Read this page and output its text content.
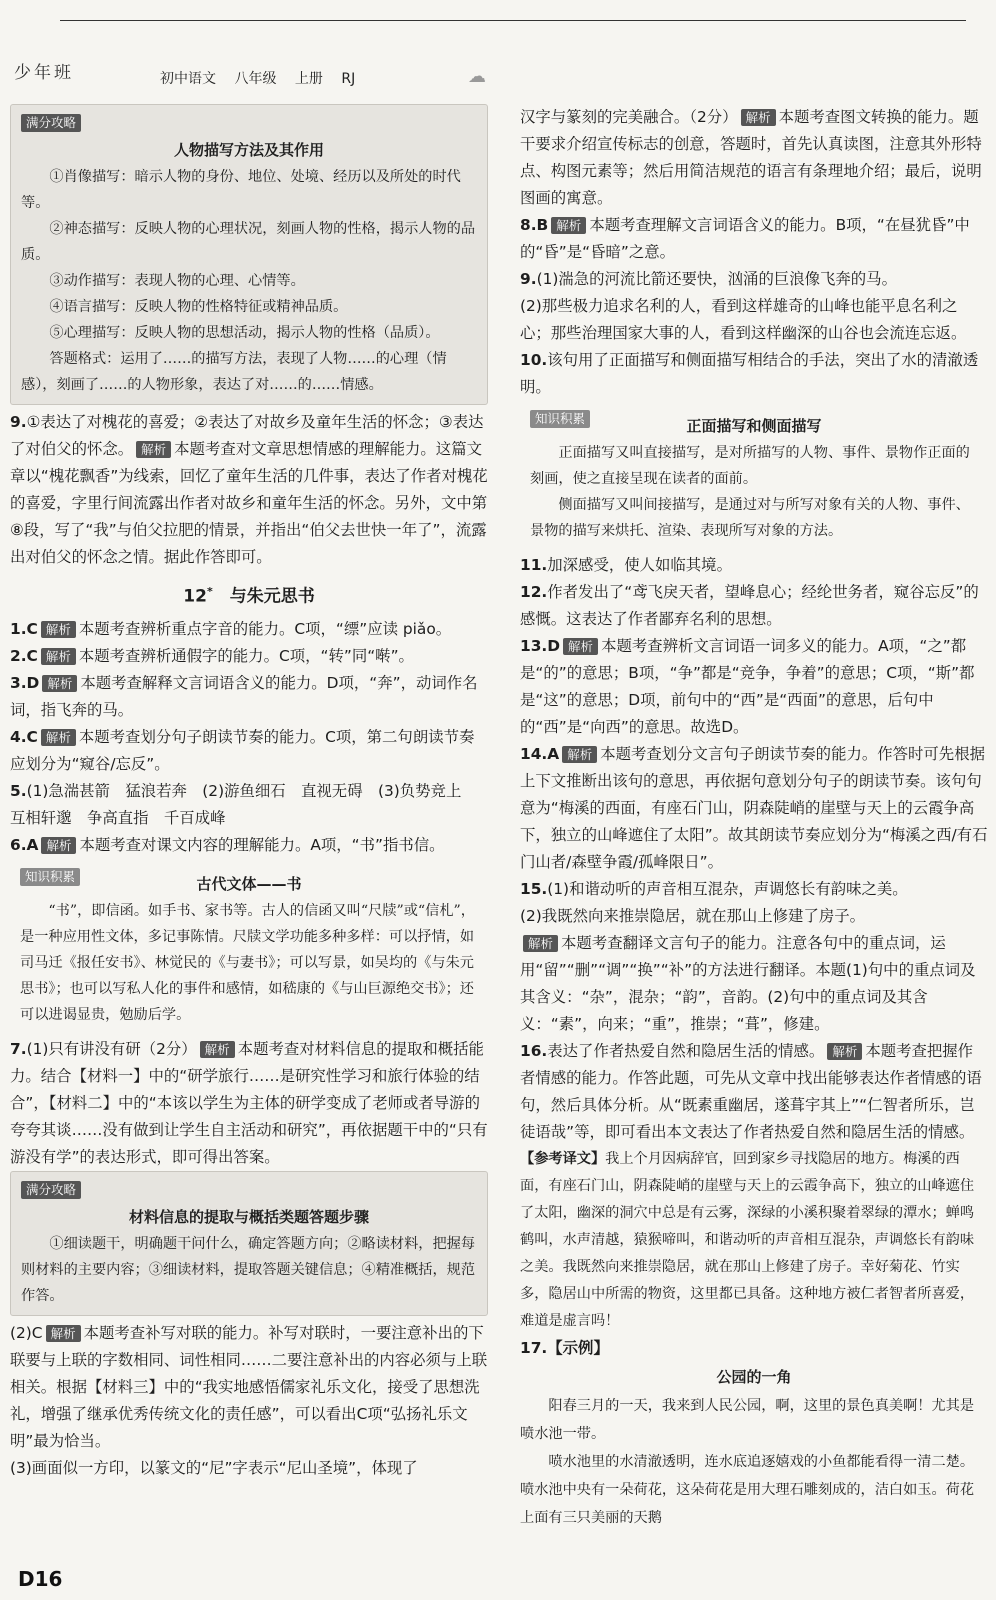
少年班	初中语文 八年级 上册 RJ	☁
满分攻略
人物描写方法及其作用

①肖像描写：暗示人物的身份、地位、处境、经历以及所处的时代等。

②神态描写：反映人物的心理状况，刻画人物的性格，揭示人物的品质。

③动作描写：表现人物的心理、心情等。

④语言描写：反映人物的性格特征或精神品质。

⑤心理描写：反映人物的思想活动，揭示人物的性格（品质）。

答题格式：运用了……的描写方法，表现了人物……的心理（情感），刻画了……的人物形象，表达了对……的……情感。

9.①表达了对槐花的喜爱；②表达了对故乡及童年生活的怀念；③表达了对伯父的怀念。 解析 本题考查对文章思想情感的理解能力。这篇文章以“槐花飘香”为线索，回忆了童年生活的几件事，表达了作者对槐花的喜爱，字里行间流露出作者对故乡和童年生活的怀念。另外，文中第⑧段，写了“我”与伯父拉肥的情景，并指出“伯父去世快一年了”，流露出对伯父的怀念之情。据此作答即可。

12*　 与朱元思书

1.C 解析 本题考查辨析重点字音的能力。C项，“缥”应读 piǎo。

2.C 解析 本题考查辨析通假字的能力。C项，“转”同“啭”。

3.D 解析 本题考查解释文言词语含义的能力。D项，“奔”，动词作名词，指飞奔的马。

4.C 解析 本题考查划分句子朗读节奏的能力。C项，第二句朗读节奏应划分为“窥谷/忘反”。

5.(1)急湍甚箭　猛浪若奔　(2)游鱼细石　直视无碍　(3)负势竞上　互相轩邈　争高直指　千百成峰

6.A 解析 本题考查对课文内容的理解能力。A项，“书”指书信。

知识积累	古代文体——书

“书”，即信函。如手书、家书等。古人的信函又叫“尺牍”或“信札”，是一种应用性文体，多记事陈情。尺牍文学功能多种多样：可以抒情，如司马迁《报任安书》、林觉民的《与妻书》；可以写景，如吴均的《与朱元思书》；也可以写私人化的事件和感情，如嵇康的《与山巨源绝交书》；还可以进谒显贵，勉励后学。

7.(1)只有讲没有研（2分） 解析 本题考查对材料信息的提取和概括能力。结合【材料一】中的“研学旅行……是研究性学习和旅行体验的结合”，【材料二】中的“本该以学生为主体的研学变成了老师或者导游的夸夸其谈……没有做到让学生自主活动和研究”，再依据题干中的“只有游没有学”的表达形式，即可得出答案。

满分攻略
材料信息的提取与概括类题答题步骤

①细读题干，明确题干问什么，确定答题方向；②略读材料，把握每则材料的主要内容；③细读材料，提取答题关键信息；④精准概括，规范作答。

(2)C 解析 本题考查补写对联的能力。补写对联时，一要注意补出的下联要与上联的字数相同、词性相同……二要注意补出的内容必须与上联相关。根据【材料三】中的“我实地感悟儒家礼乐文化，接受了思想洗礼，增强了继承优秀传统文化的责任感”，可以看出C项“弘扬礼乐文明”最为恰当。

(3)画面似一方印，以篆文的“尼”字表示“尼山圣境”，体现了

汉字与篆刻的完美融合。（2分） 解析 本题考查图文转换的能力。题干要求介绍宣传标志的创意，答题时，首先认真读图，注意其外形特点、构图元素等；然后用简洁规范的语言有条理地介绍；最后，说明图画的寓意。

8.B 解析 本题考查理解文言词语含义的能力。B项，“在昼犹昏”中的“昏”是“昏暗”之意。

9.(1)湍急的河流比箭还要快，汹涌的巨浪像飞奔的马。

(2)那些极力追求名利的人，看到这样雄奇的山峰也能平息名利之心；那些治理国家大事的人，看到这样幽深的山谷也会流连忘返。

10.该句用了正面描写和侧面描写相结合的手法，突出了水的清澈透明。

知识积累	正面描写和侧面描写

正面描写又叫直接描写，是对所描写的人物、事件、景物作正面的刻画，使之直接呈现在读者的面前。

侧面描写又叫间接描写，是通过对与所写对象有关的人物、事件、景物的描写来烘托、渲染、表现所写对象的方法。

11.加深感受，使人如临其境。

12.作者发出了“鸢飞戾天者，望峰息心；经纶世务者，窥谷忘反”的感慨。这表达了作者鄙弃名利的思想。

13.D 解析 本题考查辨析文言词语一词多义的能力。A项，“之”都是“的”的意思；B项，“争”都是“竞争，争着”的意思；C项，“斯”都是“这”的意思；D项，前句中的“西”是“西面”的意思，后句中的“西”是“向西”的意思。故选D。

14.A 解析 本题考查划分文言句子朗读节奏的能力。作答时可先根据上下文推断出该句的意思，再依据句意划分句子的朗读节奏。该句句意为“梅溪的西面，有座石门山，阴森陡峭的崖壁与天上的云霞争高下，独立的山峰遮住了太阳”。故其朗读节奏应划分为“梅溪之西/有石门山者/森壁争霞/孤峰限日”。

15.(1)和谐动听的声音相互混杂，声调悠长有韵味之美。

(2)我既然向来推崇隐居，就在那山上修建了房子。

解析 本题考查翻译文言句子的能力。注意各句中的重点词，运用“留”“删”“调”“换”“补”的方法进行翻译。本题(1)句中的重点词及其含义：“杂”，混杂；“韵”，音韵。(2)句中的重点词及其含义：“素”，向来；“重”，推崇；“葺”，修建。

16.表达了作者热爱自然和隐居生活的情感。 解析 本题考查把握作者情感的能力。作答此题，可先从文章中找出能够表达作者情感的语句，然后具体分析。从“既素重幽居，遂葺宇其上”“仁智者所乐，岂徒语哉”等，即可看出本文表达了作者热爱自然和隐居生活的情感。

【参考译文】我上个月因病辞官，回到家乡寻找隐居的地方。梅溪的西面，有座石门山，阴森陡峭的崖壁与天上的云霞争高下，独立的山峰遮住了太阳，幽深的洞穴中总是有云雾，深绿的小溪积聚着翠绿的潭水；蝉鸣鹤叫，水声清越，猿猴啼叫，和谐动听的声音相互混杂，声调悠长有韵味之美。我既然向来推崇隐居，就在那山上修建了房子。幸好菊花、竹实多，隐居山中所需的物资，这里都已具备。这种地方被仁者智者所喜爱，难道是虚言吗！

17.【示例】

公园的一角

阳春三月的一天，我来到人民公园，啊，这里的景色真美啊！尤其是喷水池一带。

喷水池里的水清澈透明，连水底追逐嬉戏的小鱼都能看得一清二楚。喷水池中央有一朵荷花，这朵荷花是用大理石雕刻成的，洁白如玉。荷花上面有三只美丽的天鹅

D16
